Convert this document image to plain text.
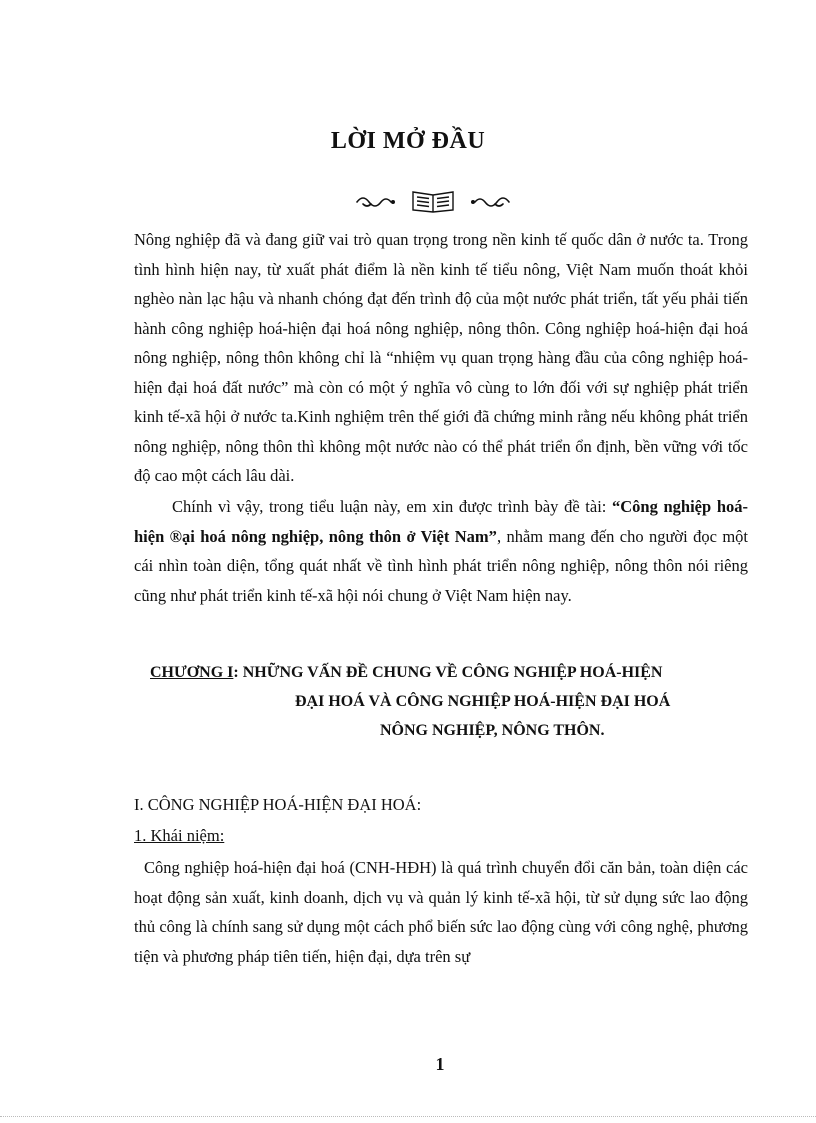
LỜI MỞ ĐẦU
Nông nghiệp đã và đang giữ vai trò quan trọng trong nền kinh tế quốc dân ở nước ta. Trong tình hình hiện nay, từ xuất phát điểm là nền kinh tế tiểu nông, Việt Nam muốn thoát khỏi nghèo nàn lạc hậu và nhanh chóng đạt đến trình độ của một nước phát triển, tất yếu phải tiến hành công nghiệp hoá-hiện đại hoá nông nghiệp, nông thôn. Công nghiệp hoá-hiện đại hoá nông nghiệp, nông thôn không chỉ là “nhiệm vụ quan trọng hàng đầu của công nghiệp hoá-hiện đại hoá đất nước” mà còn có một ý nghĩa vô cùng to lớn đối với sự nghiệp phát triển kinh tế-xã hội ở nước ta.Kinh nghiệm trên thế giới đã chứng minh rằng nếu không phát triển nông nghiệp, nông thôn thì không một nước nào có thể phát triển ổn định, bền vững với tốc độ cao một cách lâu dài.
Chính vì vậy, trong tiểu luận này, em xin được trình bày đề tài: “Công nghiệp hoá-hiện ®ại hoá nông nghiệp, nông thôn ở Việt Nam”, nhằm mang đến cho người đọc một cái nhìn toàn diện, tổng quát nhất về tình hình phát triển nông nghiệp, nông thôn nói riêng cũng như phát triển kinh tế-xã hội nói chung ở Việt Nam hiện nay.
CHƯƠNG I: NHỮNG VẤN ĐỀ CHUNG VỀ CÔNG NGHIỆP HOÁ-HIỆN
ĐẠI HOÁ VÀ CÔNG NGHIỆP HOÁ-HIỆN ĐẠI HOÁ
NÔNG NGHIỆP, NÔNG THÔN.
I. CÔNG NGHIỆP HOÁ-HIỆN ĐẠI HOÁ:
1. Khái niệm:
Công nghiệp hoá-hiện đại hoá (CNH-HĐH) là quá trình chuyển đổi căn bản, toàn diện các hoạt động sản xuất, kinh doanh, dịch vụ và quản lý kinh tế-xã hội, từ sử dụng sức lao động thủ công là chính sang sử dụng một cách phổ biến sức lao động cùng với công nghệ, phương tiện và phương pháp tiên tiến, hiện đại, dựa trên sự
1
